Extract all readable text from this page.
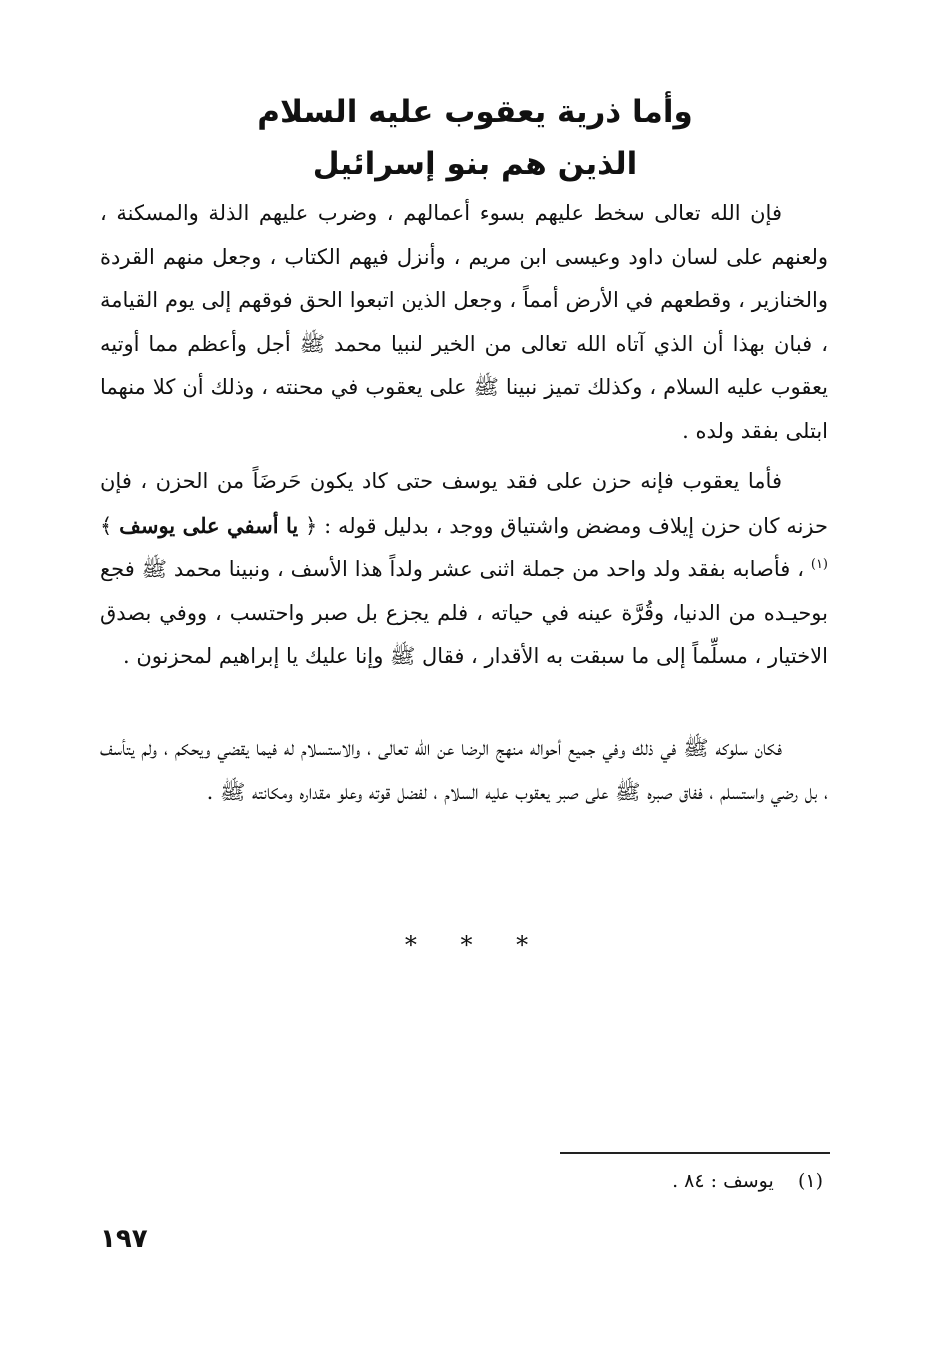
وأما ذرية يعقوب عليه السلام
الذين هم بنو إسرائيل

فإن الله تعالى سخط عليهم بسوء أعمالهم ، وضرب عليهم الذلة والمسكنة ، ولعنهم على لسان داود وعيسى ابن مريم ، وأنزل فيهم الكتاب ، وجعل منهم القردة والخنازير ، وقطعهم في الأرض أمماً ، وجعل الذين اتبعوا الحق فوقهم إلى يوم القيامة ، فبان بهذا أن الذي آتاه الله تعالى من الخير لنبيا محمد ﷺ أجل وأعظم مما أوتيه يعقوب عليه السلام ، وكذلك تميز نبينا ﷺ على يعقوب في محنته ، وذلك أن كلا منهما ابتلى بفقد ولده .

فأما يعقوب فإنه حزن على فقد يوسف حتى كاد يكون حَرضَاً من الحزن ، فإن حزنه كان حزن إيلاف ومضض واشتياق ووجد ، بدليل قوله : ﴿ يا أسفي على يوسف ﴾$^{(١)}$ ، فأصابه بفقد ولد واحد من جملة اثنى عشر ولداً هذا الأسف ، ونبينا محمد ﷺ فجع بوحيـده من الدنيا، وقُرَّة عينه في حياته ، فلم يجزع بل صبر واحتسب ، ووفي بصدق الاختيار ، مسلِّماً إلى ما سبقت به الأقدار ، فقال ﷺ وإنا عليك يا إبراهيم لمحزنون .

فكان سلوكه ﷺ في ذلك وفي جميع أحواله منهج الرضا عن الله تعالى ، والاستسلام له فيما يقضي ويحكم ، ولم يتأسف ، بل رضي واستسلم ، ففاق صبره ﷺ على صبر يعقوب عليه السلام ، لفضل قوته وعلو مقداره ومكانته ﷺ .

* * *

(١)    يوسف : ٨٤ .

١٩٧
